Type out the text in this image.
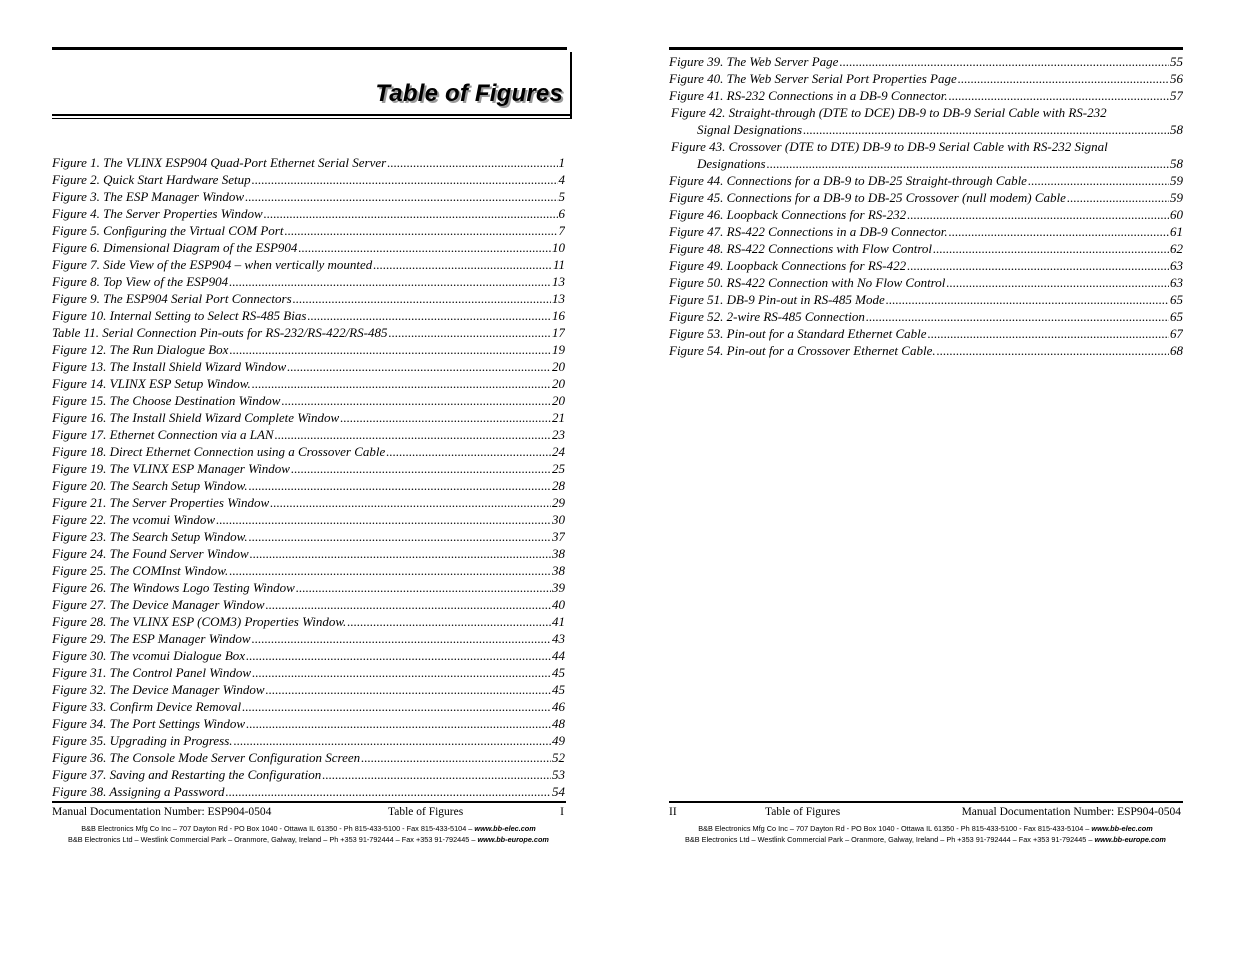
Table of Figures
Figure 1. The VLINX ESP904 Quad-Port Ethernet Serial Server .....	1
Figure 2. Quick Start Hardware Setup .....	4
Figure 3. The ESP Manager Window .....	5
Figure 4. The Server Properties Window .....	6
Figure 5. Configuring the Virtual COM Port .....	7
Figure 6. Dimensional Diagram of the ESP904 .....	10
Figure 7. Side View of the ESP904 – when vertically mounted .....	11
Figure 8. Top View of the ESP904 .....	13
Figure 9. The ESP904 Serial Port Connectors .....	13
Figure 10. Internal Setting to Select RS-485 Bias .....	16
Table 11. Serial Connection Pin-outs for RS-232/RS-422/RS-485 .....	17
Figure 12. The Run Dialogue Box .....	19
Figure 13. The Install Shield Wizard Window .....	20
Figure 14. VLINX ESP Setup Window. .....	20
Figure 15. The Choose Destination Window .....	20
Figure 16. The Install Shield Wizard Complete Window .....	21
Figure 17. Ethernet Connection via a LAN .....	23
Figure 18. Direct Ethernet Connection using a Crossover Cable .....	24
Figure 19. The VLINX ESP Manager Window .....	25
Figure 20. The Search Setup Window. .....	28
Figure 21. The Server Properties Window .....	29
Figure 22. The vcomui Window .....	30
Figure 23. The Search Setup Window. .....	37
Figure 24. The Found Server Window .....	38
Figure 25. The COMInst Window. .....	38
Figure 26. The Windows Logo Testing Window .....	39
Figure 27. The Device Manager Window .....	40
Figure 28. The VLINX ESP (COM3) Properties Window. .....	41
Figure 29. The ESP Manager Window .....	43
Figure 30. The vcomui Dialogue Box .....	44
Figure 31. The Control Panel Window .....	45
Figure 32. The Device Manager Window .....	45
Figure 33. Confirm Device Removal .....	46
Figure 34. The Port Settings Window .....	48
Figure 35. Upgrading in Progress. .....	49
Figure 36. The Console Mode Server Configuration Screen .....	52
Figure 37. Saving and Restarting the Configuration .....	53
Figure 38. Assigning a Password .....	54
Manual Documentation Number: ESP904-0504	Table of Figures	I
B&B Electronics Mfg Co Inc – 707 Dayton Rd - PO Box 1040 - Ottawa IL 61350 - Ph 815-433-5100 - Fax 815-433-5104 – www.bb-elec.com
B&B Electronics Ltd – Westlink Commercial Park – Oranmore, Galway, Ireland – Ph +353 91-792444 – Fax +353 91-792445 – www.bb-europe.com
Figure 39. The Web Server Page .....	55
Figure 40. The Web Server Serial Port Properties Page .....	56
Figure 41. RS-232 Connections in a DB-9 Connector. .....	57
Figure 42. Straight-through (DTE to DCE) DB-9 to DB-9 Serial Cable with RS-232
Signal Designations .....	58
Figure 43. Crossover (DTE to DTE) DB-9 to DB-9 Serial Cable with RS-232 Signal
Designations .....	58
Figure 44. Connections for a DB-9 to DB-25 Straight-through Cable .....	59
Figure 45. Connections for a DB-9 to DB-25 Crossover (null modem) Cable .....	59
Figure 46. Loopback Connections for RS-232 .....	60
Figure 47. RS-422 Connections in a DB-9 Connector. .....	61
Figure 48. RS-422 Connections with Flow Control .....	62
Figure 49. Loopback Connections for RS-422 .....	63
Figure 50. RS-422 Connection with No Flow Control .....	63
Figure 51. DB-9 Pin-out in RS-485 Mode .....	65
Figure 52. 2-wire RS-485 Connection .....	65
Figure 53. Pin-out for a Standard Ethernet Cable .....	67
Figure 54. Pin-out for a Crossover Ethernet Cable. .....	68
II	Table of Figures	Manual Documentation Number: ESP904-0504
B&B Electronics Mfg Co Inc – 707 Dayton Rd - PO Box 1040 - Ottawa IL 61350 - Ph 815-433-5100 - Fax 815-433-5104 – www.bb-elec.com
B&B Electronics Ltd – Westlink Commercial Park – Oranmore, Galway, Ireland – Ph +353 91-792444 – Fax +353 91-792445 – www.bb-europe.com
